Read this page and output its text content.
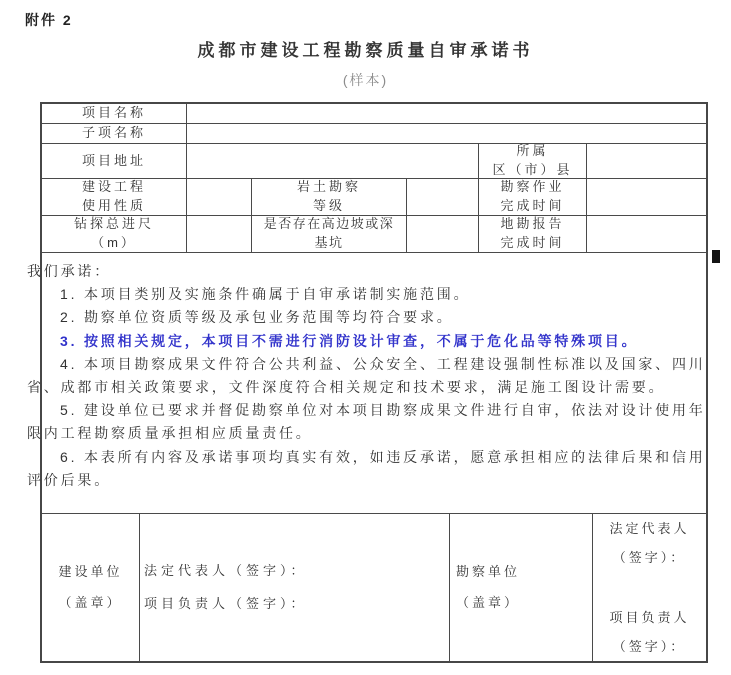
附件 2
成都市建设工程勘察质量自审承诺书
(样本)
项目名称
子项名称
项目地址
所属
区（市）县
建设工程
使用性质
岩土勘察
等级
勘察作业
完成时间
钻探总进尺
（m）
是否存在高边坡或深
基坑
地勘报告
完成时间
我们承诺：
1. 本项目类别及实施条件确属于自审承诺制实施范围。
2. 勘察单位资质等级及承包业务范围等均符合要求。
3. 按照相关规定，本项目不需进行消防设计审查，不属于危化品等特殊项目。
4. 本项目勘察成果文件符合公共利益、公众安全、工程建设强制性标准以及国家、四川
省、成都市相关政策要求，文件深度符合相关规定和技术要求，满足施工图设计需要。
5. 建设单位已要求并督促勘察单位对本项目勘察成果文件进行自审，依法对设计使用年
限内工程勘察质量承担相应质量责任。
6. 本表所有内容及承诺事项均真实有效，如违反承诺，愿意承担相应的法律后果和信用
评价后果。
建设单位
（盖章）
法定代表人（签字）：
项目负责人（签字）：
勘察单位
（盖章）
法定代表人
（签字）：
项目负责人
（签字）：
